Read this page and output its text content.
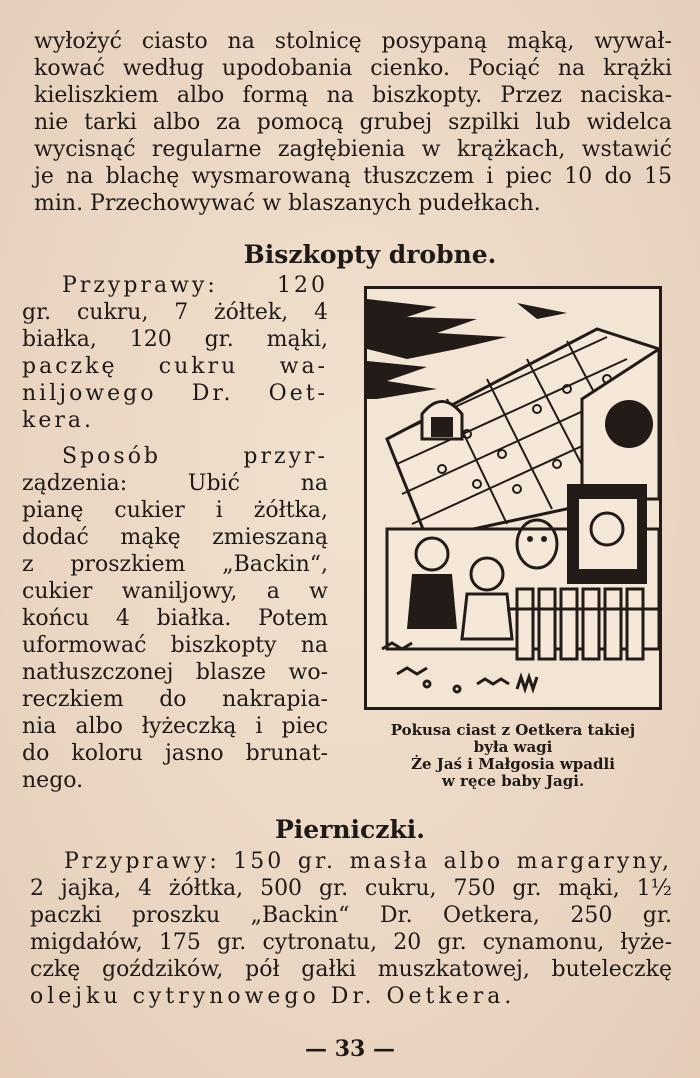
wyłożyć ciasto na stolnicę posypaną mąką, wywał-
kować według upodobania cienko. Pociąć na krążki
kieliszkiem albo formą na biszkopty. Przez naciska-
nie tarki albo za pomocą grubej szpilki lub widelca
wycisnąć regularne zagłębienia w krążkach, wstawić
je na blachę wysmarowaną tłuszczem i piec 10 do 15
min. Przechowywać w blaszanych pudełkach.
Biszkopty drobne.
Przyprawy: 120
gr. cukru, 7 żółtek, 4
białka, 120 gr. mąki,
paczkę cukru wa-
niljowego Dr. Oet-
kera.
Sposób przyr-
ządzenia: Ubić na
pianę cukier i żółtka,
dodać mąkę zmieszaną
z proszkiem „Backin“,
cukier waniljowy, a w
końcu 4 białka. Potem
uformować biszkopty na
natłuszczonej blasze wo-
reczkiem do nakrapia-
nia albo łyżeczką i piec
do koloru jasno brunat-
nego.
Pokusa ciast z Oetkera takiej
była wagi
Że Jaś i Małgosia wpadli
w ręce baby Jagi.
Pierniczki.
Przyprawy: 150 gr. masła albo margaryny,
2 jajka, 4 żółtka, 500 gr. cukru, 750 gr. mąki, 1½
paczki proszku „Backin“ Dr. Oetkera, 250 gr.
migdałów, 175 gr. cytronatu, 20 gr. cynamonu, łyże-
czkę goździków, pół gałki muszkatowej, buteleczkę
olejku cytrynowego Dr. Oetkera.
— 33 —
